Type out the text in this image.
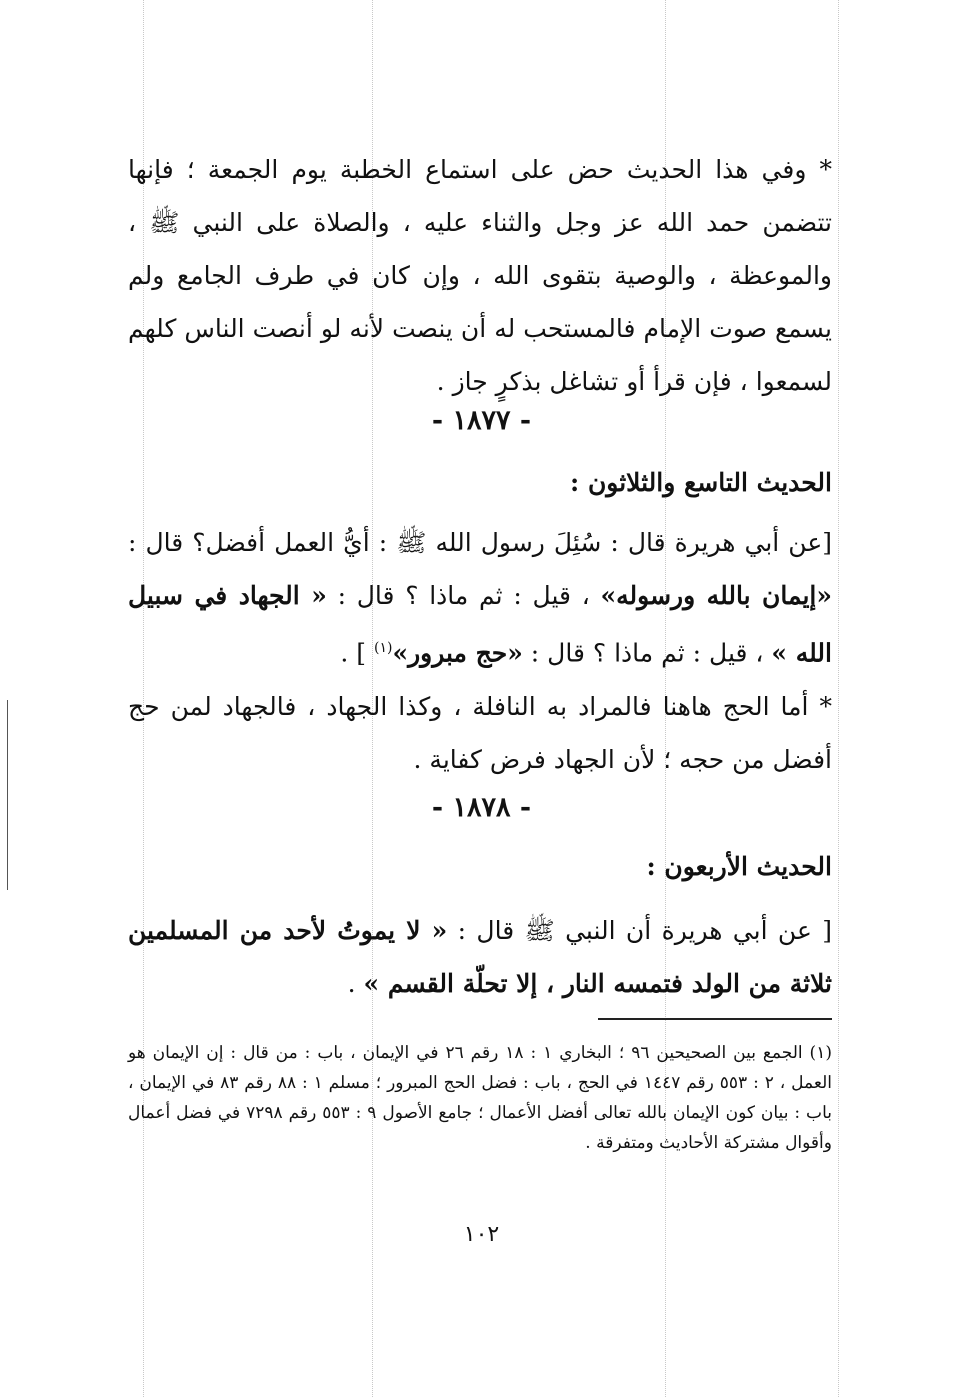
* وفي هذا الحديث حض على استماع الخطبة يوم الجمعة ؛ فإنها تتضمن حمد الله عز وجل والثناء عليه ، والصلاة على النبي ﷺ ، والموعظة ، والوصية بتقوى الله ، وإن كان في طرف الجامع ولم يسمع صوت الإمام فالمستحب له أن ينصت لأنه لو أنصت الناس كلهم لسمعوا ، فإن قرأ أو تشاغل بذكرٍ جاز .

- ١٨٧٧ -

الحديث التاسع والثلاثون :

[عن أبي هريرة قال : سُئِلَ رسول الله ﷺ : أيُّ العمل أفضل؟ قال : «إيمان بالله ورسوله» ، قيل : ثم ماذا ؟ قال : « الجهاد في سبيل الله » ، قيل : ثم ماذا ؟ قال : «حج مبرور»$^{(١)}$ ] .

* أما الحج هاهنا فالمراد به النافلة ، وكذا الجهاد ، فالجهاد لمن حج أفضل من حجه ؛ لأن الجهاد فرض كفاية .

- ١٨٧٨ -

الحديث الأربعون :

[ عن أبي هريرة أن النبي ﷺ قال : « لا يموتُ لأحد من المسلمين ثلاثة من الولد فتمسه النار ، إلا تحلّة القسم » .

(١) الجمع بين الصحيحين ٩٦ ؛ البخاري ١ : ١٨ رقم ٢٦ في الإيمان ، باب : من قال : إن الإيمان هو العمل ، ٢ : ٥٥٣ رقم ١٤٤٧ في الحج ، باب : فضل الحج المبرور ؛ مسلم ١ : ٨٨ رقم ٨٣ في الإيمان ، باب : بيان كون الإيمان بالله تعالى أفضل الأعمال ؛ جامع الأصول ٩ : ٥٥٣ رقم ٧٢٩٨ في فضل أعمال وأقوال مشتركة الأحاديث ومتفرقة .

١٠٢
